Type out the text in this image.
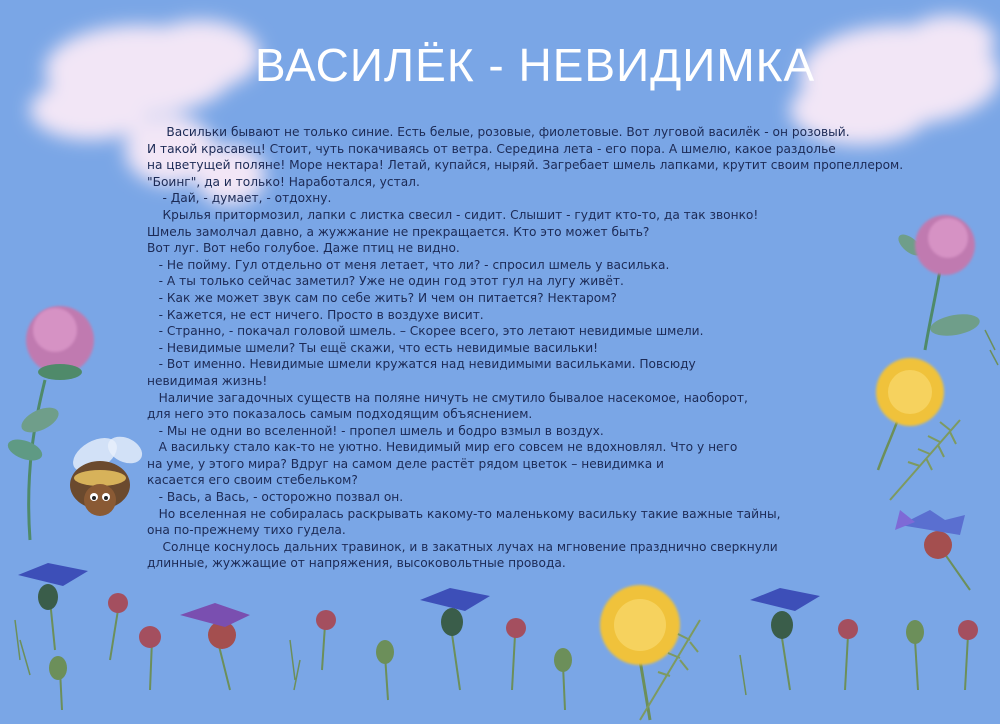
ВАСИЛЁК - НЕВИДИМКА
Васильки бывают не только синие. Есть белые, розовые, фиолетовые. Вот луговой василёк - он розовый.
И такой красавец! Стоит, чуть покачиваясь от ветра. Середина лета - его пора. А шмелю, какое раздолье
на цветущей поляне! Море нектара! Летай, купайся, ныряй. Загребает шмель лапками, крутит своим пропеллером.
"Боинг", да и только! Наработался, устал.
- Дай, - думает, - отдохну.
Крылья притормозил, лапки с листка свесил - сидит. Слышит - гудит кто-то, да так звонко!
Шмель замолчал давно, а жужжание не прекращается. Кто это может быть?
Вот луг. Вот небо голубое. Даже птиц не видно.
- Не пойму. Гул отдельно от меня летает, что ли? - спросил шмель у василька.
- А ты только сейчас заметил? Уже не один год этот гул на лугу живёт.
- Как же может звук сам по себе жить? И чем он питается? Нектаром?
- Кажется, не ест ничего. Просто в воздухе висит.
- Странно, - покачал головой шмель. – Скорее всего, это летают невидимые шмели.
- Невидимые шмели? Ты ещё скажи, что есть невидимые васильки!
- Вот именно. Невидимые шмели кружатся над невидимыми васильками. Повсюду
невидимая жизнь!
Наличие загадочных существ на поляне ничуть не смутило бывалое насекомое, наоборот,
для него это показалось самым подходящим объяснением.
- Мы не одни во вселенной! - пропел шмель и бодро взмыл в воздух.
А васильку стало как-то не уютно. Невидимый мир его совсем не вдохновлял. Что у него
на уме, у этого мира? Вдруг на самом деле растёт рядом цветок – невидимка и
касается его своим стебельком?
- Вась, а Вась, - осторожно позвал он.
Но вселенная не собиралась раскрывать какому-то маленькому васильку такие важные тайны,
она по-прежнему тихо гудела.
Солнце коснулось дальних травинок, и в закатных лучах на мгновение празднично сверкнули
длинные, жужжащие от напряжения, высоковольтные провода.
